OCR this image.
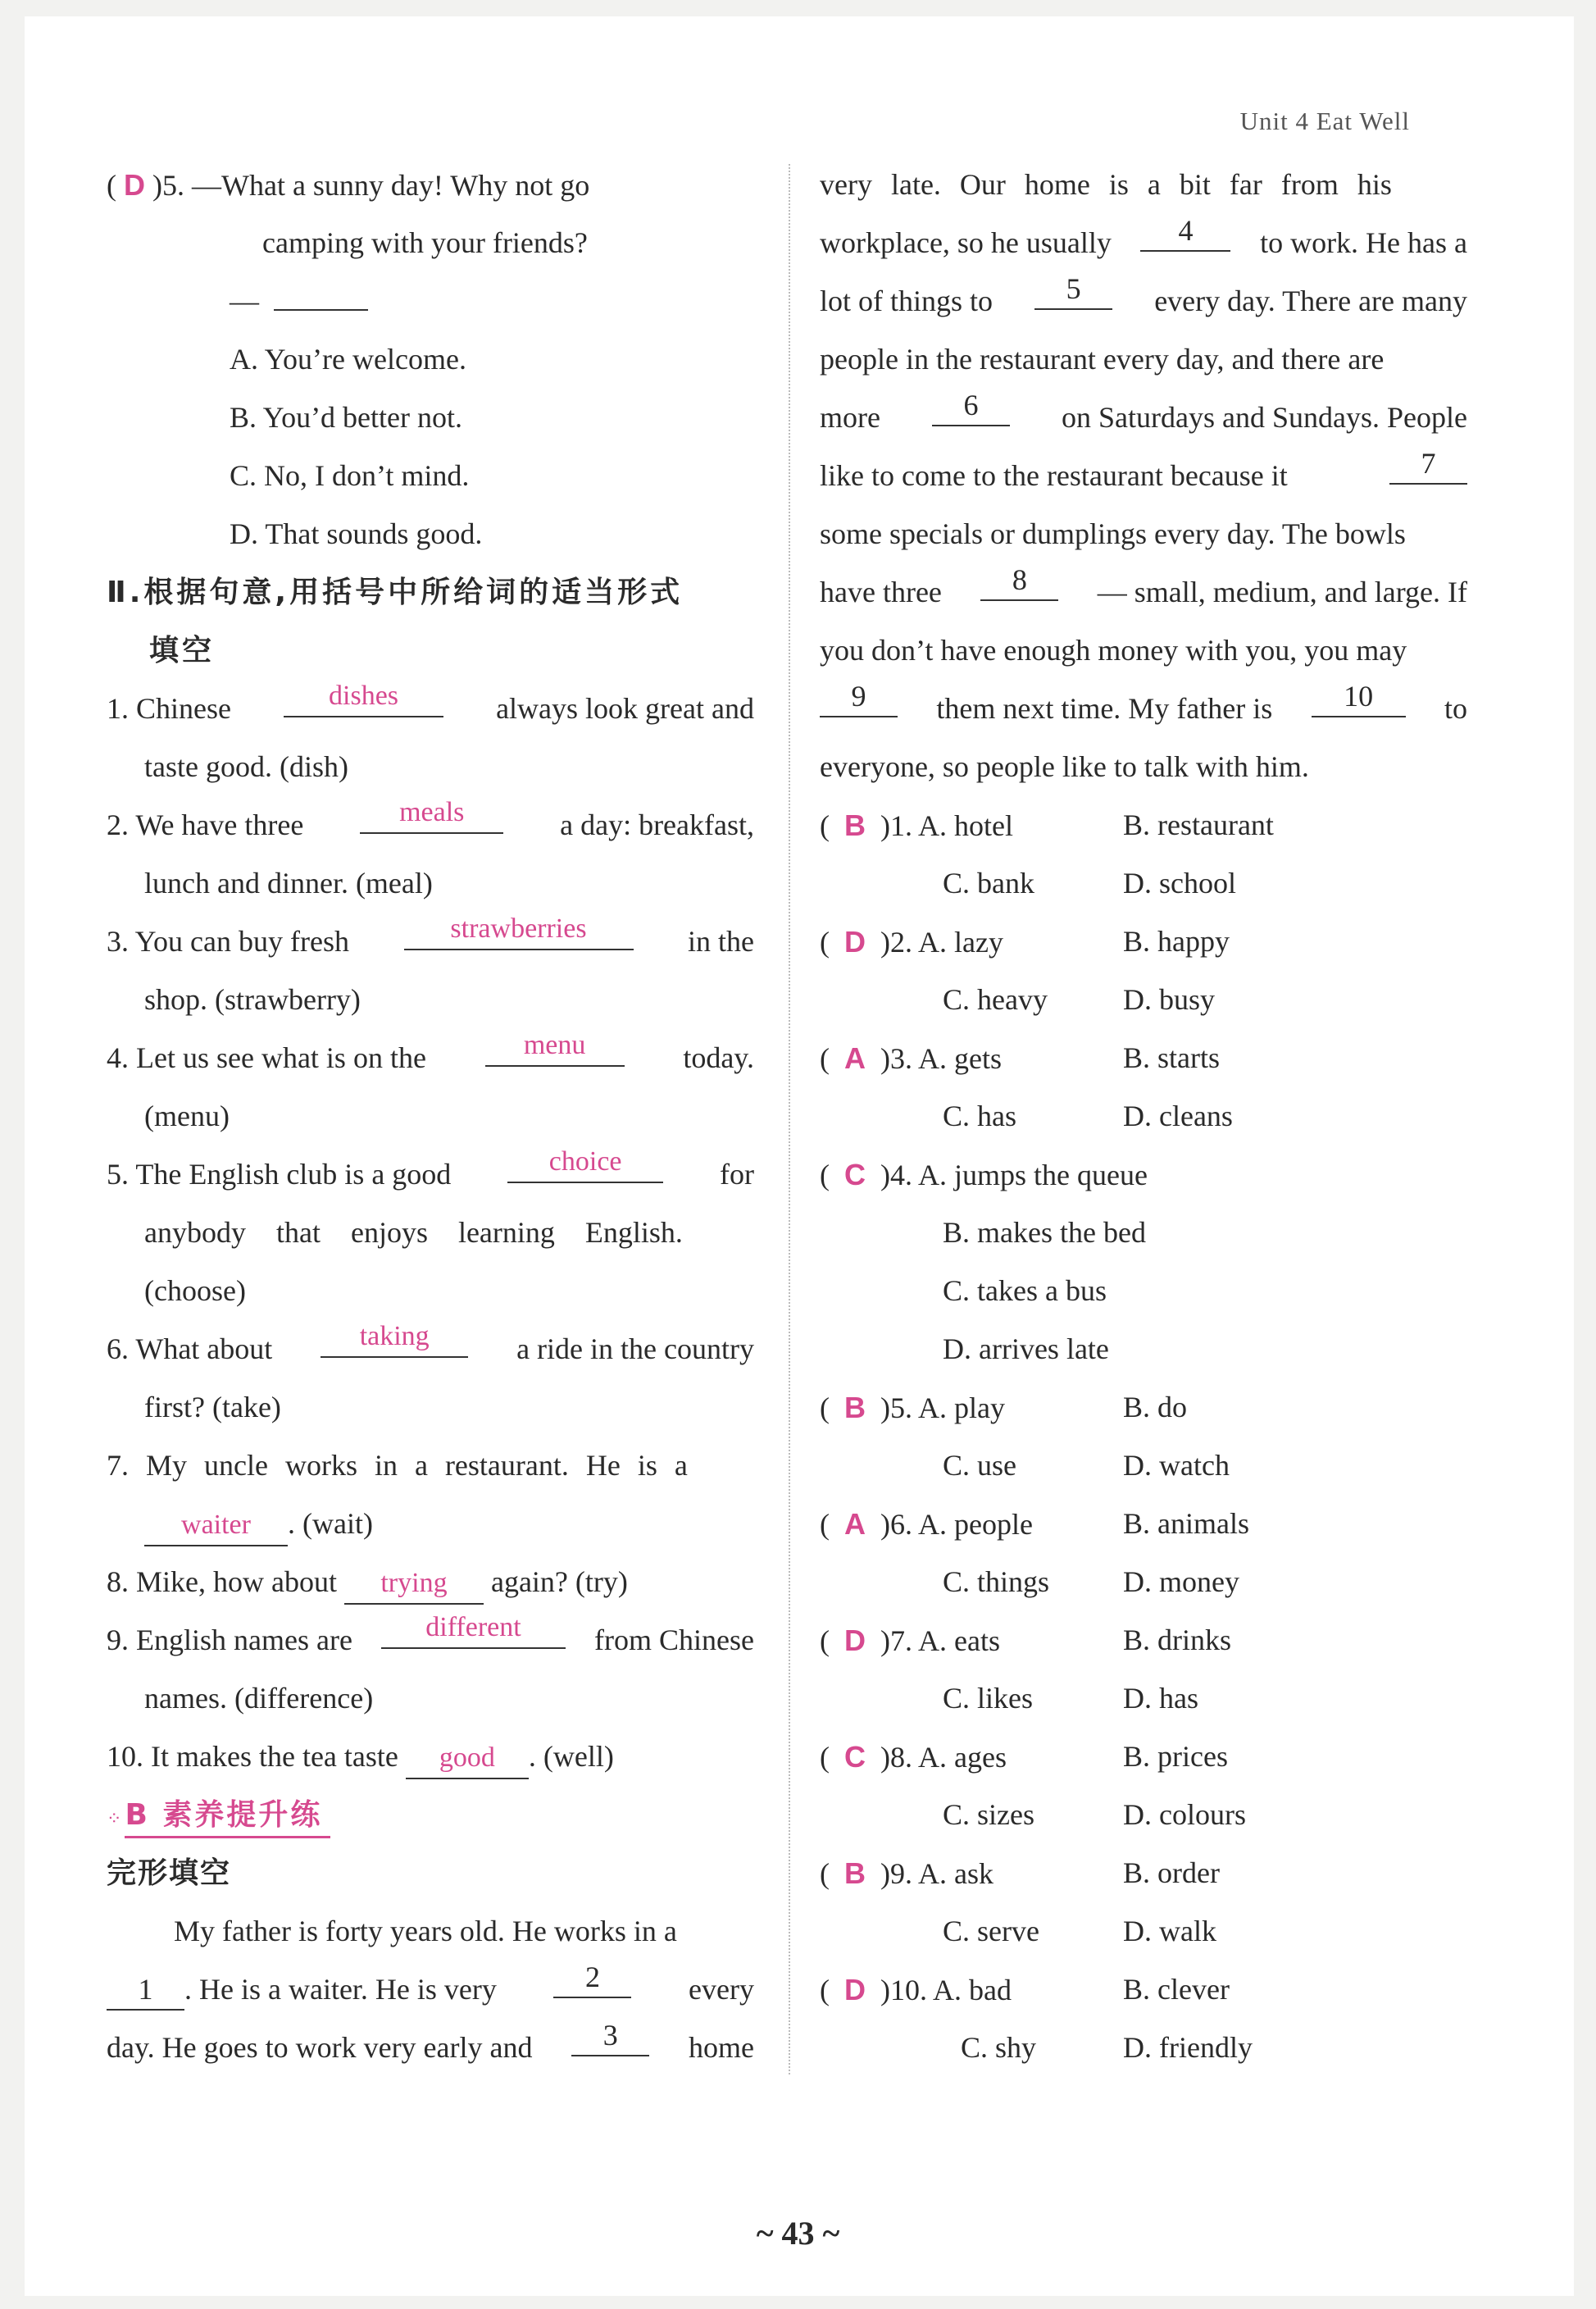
Unit 4 Eat Well
( D )5. —What a sunny day! Why not go
camping with your friends?
—
A. You’re welcome.
B. You’d better not.
C. No, I don’t mind.
D. That sounds good.
Ⅱ.根据句意,用括号中所给词的适当形式
填空
1. Chinese	dishes	always look great and
taste good. (dish)
2. We have three	meals	a day: breakfast,
lunch and dinner. (meal)
3. You can buy fresh	strawberries	in the
shop. (strawberry)
4. Let us see what is on the	menu	today.
(menu)
5. The English club is a good	choice	for
anybody that enjoys learning English.
(choose)
6. What about	taking	a ride in the country
first? (take)
7. My uncle works in a restaurant. He is a
waiter . (wait)
8. Mike, how about trying again? (try)
9. English names are	different	from Chinese
names. (difference)
10. It makes the tea taste good . (well)
⁘ B 素养提升练
完形填空
My father is forty years old. He works in a
1 . He is a waiter. He is very	2	every
day. He goes to work very early and	3	home
very late. Our home is a bit far from his
workplace, so he usually	4	to work. He has a
lot of things to	5	every day. There are many
people in the restaurant every day, and there are
more	6	on Saturdays and Sundays. People
like to come to the restaurant because it	7
some specials or dumplings every day. The bowls
have three	8	— small, medium, and large. If
you don’t have enough money with you, you may
9	them next time. My father is	10	to
everyone, so people like to talk with him.
(  B )1. A. hotel	B. restaurant
C. bank	D. school
(  D )2. A. lazy	B. happy
C. heavy	D. busy
(  A )3. A. gets	B. starts
C. has	D. cleans
(  C )4. A. jumps the queue
B. makes the bed
C. takes a bus
D. arrives late
(  B )5. A. play	B. do
C. use	D. watch
(  A )6. A. people	B. animals
C. things	D. money
(  D )7. A. eats	B. drinks
C. likes	D. has
(  C )8. A. ages	B. prices
C. sizes	D. colours
(  B )9. A. ask	B. order
C. serve	D. walk
(  D )10. A. bad	B. clever
C. shy	D. friendly
~ 43 ~
